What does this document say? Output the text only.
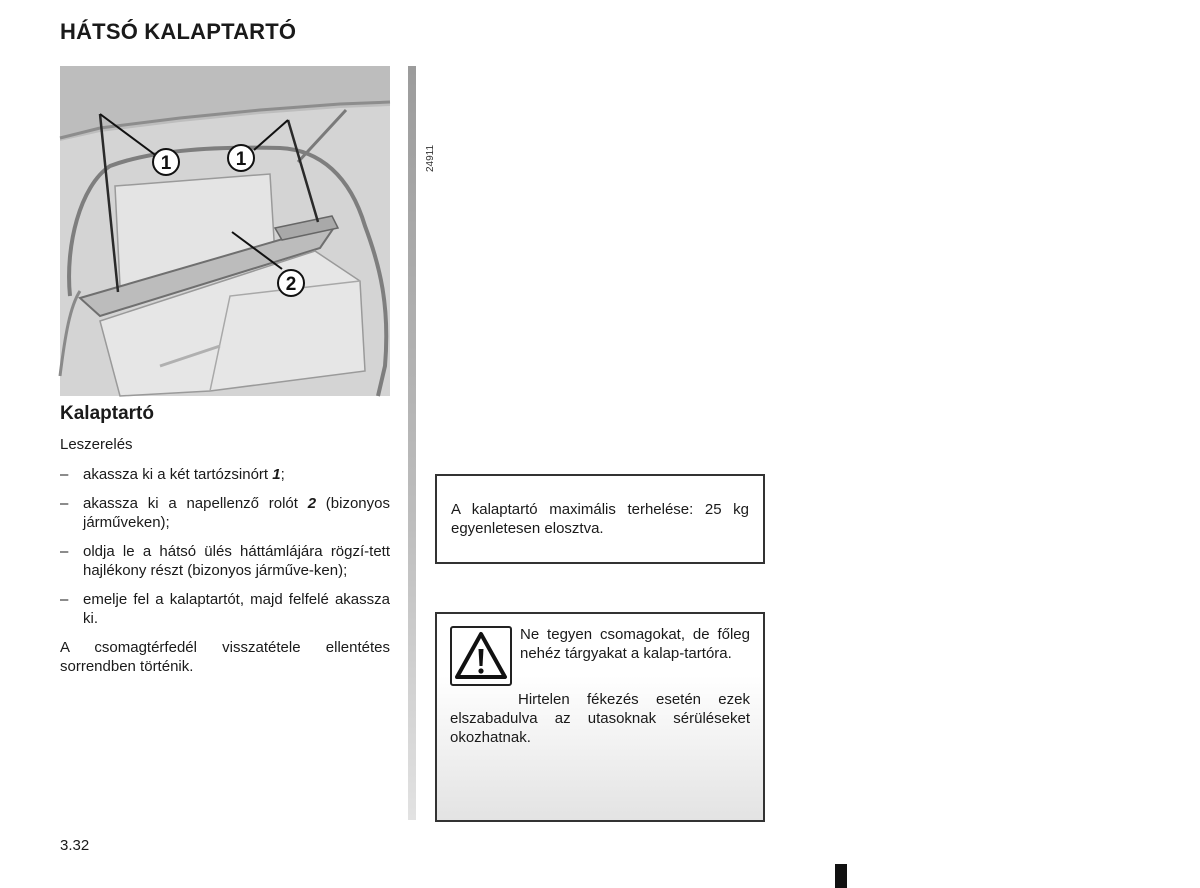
HÁTSÓ KALAPTARTÓ
1	1
2
24911
Kalaptartó

Leszerelés

– akassza ki a két tartózsinórt 1;
– akassza ki a napellenző rolót 2 (bizonyos járműveken);
– oldja le a hátsó ülés háttámlájára rögzí-tett hajlékony részt (bizonyos járműve-ken);
– emelje fel a kalaptartót, majd felfelé akassza ki.

A csomagtérfedél visszatétele ellentétes sorrendben történik.

A kalaptartó maximális terhelése: 25 kg egyenletesen elosztva.

Ne tegyen csomagokat, de főleg nehéz tárgyakat a kalap-tartóra.

Hirtelen fékezés esetén ezek elszabadulva az utasoknak sérüléseket okozhatnak.

3.32
